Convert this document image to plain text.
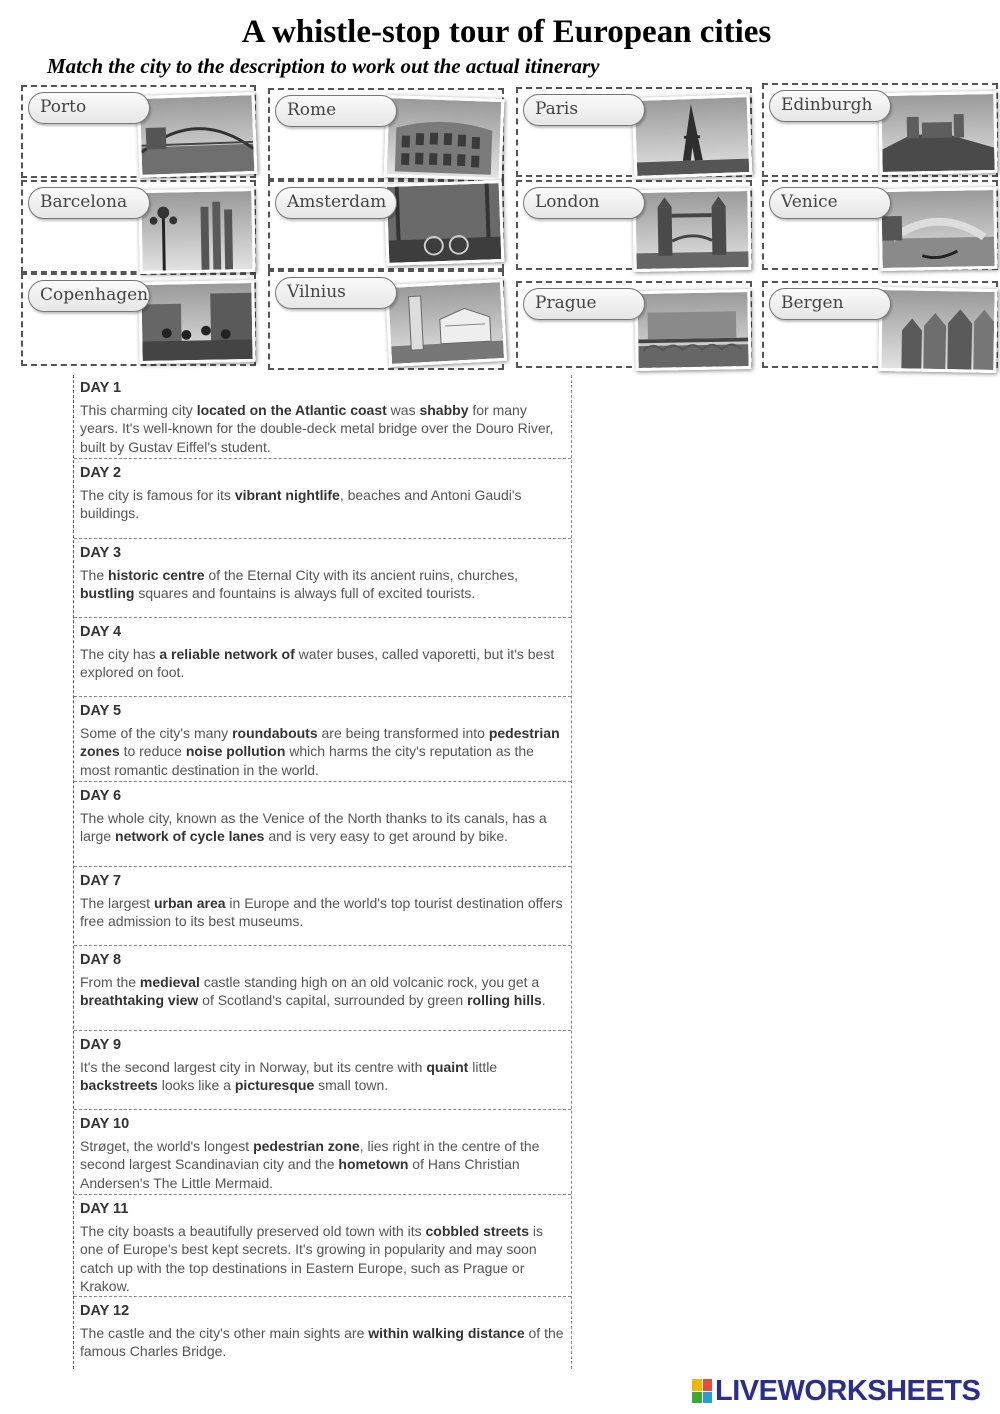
A whistle-stop tour of European cities
Match the city to the description to work out the actual itinerary
Porto	Rome	Paris	Edinburgh
Barcelona	Amsterdam	London	Venice
Copenhagen	Vilnius
Prague	Bergen
DAY 1

This charming city located on the Atlantic coast was shabby for many years. It's well-known for the double-deck metal bridge over the Douro River, built by Gustav Eiffel's student.

DAY 2

The city is famous for its vibrant nightlife, beaches and Antoni Gaudi's buildings.

DAY 3

The historic centre of the Eternal City with its ancient ruins, churches, bustling squares and fountains is always full of excited tourists.

DAY 4

The city has a reliable network of water buses, called vaporetti, but it's best explored on foot.

DAY 5

Some of the city's many roundabouts are being transformed into pedestrian zones to reduce noise pollution which harms the city's reputation as the most romantic destination in the world.

DAY 6

The whole city, known as the Venice of the North thanks to its canals, has a large network of cycle lanes and is very easy to get around by bike.

DAY 7

The largest urban area in Europe and the world's top tourist destination offers free admission to its best museums.

DAY 8

From the medieval castle standing high on an old volcanic rock, you get a breathtaking view of Scotland's capital, surrounded by green rolling hills.

DAY 9

It's the second largest city in Norway, but its centre with quaint little backstreets looks like a picturesque small town.

DAY 10

Strøget, the world's longest pedestrian zone, lies right in the centre of the second largest Scandinavian city and the hometown of Hans Christian Andersen's The Little Mermaid.

DAY 11

The city boasts a beautifully preserved old town with its cobbled streets is one of Europe's best kept secrets. It's growing in popularity and may soon catch up with the top destinations in Eastern Europe, such as Prague or Krakow.

DAY 12

The castle and the city's other main sights are within walking distance of the famous Charles Bridge.

LIVEWORKSHEETS
